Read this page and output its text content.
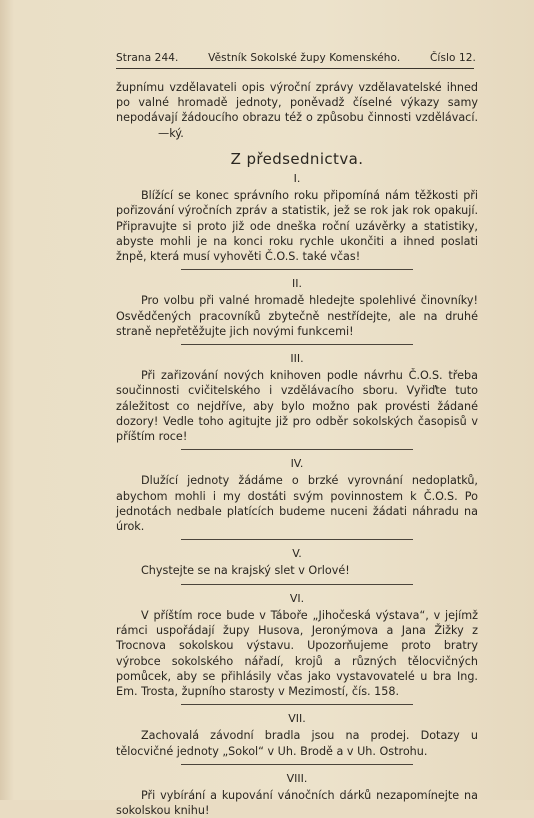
Strana 244.	Věstník Sokolské župy Komenského.	Číslo 12.

župnímu vzdělavateli opis výroční zprávy vzdělavatelské ihned po valné hromadě jednoty, poněvadž číselné výkazy samy nepodávají žádoucího obrazu též o způsobu činnosti vzdělávací.—ký.

Z předsednictva.
I.

Blížící se konec správního roku připomíná nám těžkosti při pořizování výročních zpráv a statistik, jež se rok jak rok opakují. Připravujte si proto již ode dneška roční uzávěrky a statistiky, abyste mohli je na konci roku rychle ukončiti a ihned poslati žnpě, která musí vyhověti Č.O.S. také včas!

II.

Pro volbu při valné hromadě hledejte spolehlivé činovníky! Osvědčených pracovníků zbytečně nestřídejte, ale na druhé straně nepřetěžujte jich novými funkcemi!

III.

Při zařizování nových knihoven podle návrhu Č.O.S. třeba součinnosti cvičitelského i vzdělávacího sboru. Vyřiďte tuto záležitost co nejdříve, aby bylo možno pak provésti žádané dozory! Vedle toho agitujte již pro odběr sokolských časopisů v příštím roce!

IV.

Dlužící jednoty žádáme o brzké vyrovnání nedoplatků, abychom mohli i my dostáti svým povinnostem k Č.O.S. Po jednotách nedbale platících budeme nuceni žádati náhradu na úrok.

V.

Chystejte se na krajský slet v Orlové!

VI.

V příštím roce bude v Táboře „Jihočeská výstava“, v jejímž rámci uspořádají župy Husova, Jeronýmova a Jana Žižky z Trocnova sokolskou výstavu. Upozorňujeme proto bratry výrobce sokolského nářadí, krojů a různých tělocvičných pomůcek, aby se přihlásily včas jako vystavovatelé u bra Ing. Em. Trosta, župního starosty v Mezimostí, čís. 158.

VII.

Zachovalá závodní bradla jsou na prodej. Dotazy u tělocvičné jednoty „Sokol“ v Uh. Brodě a v Uh. Ostrohu.

VIII.

Při vybírání a kupování vánočních dárků nezapomínejte na sokolskou knihu!
